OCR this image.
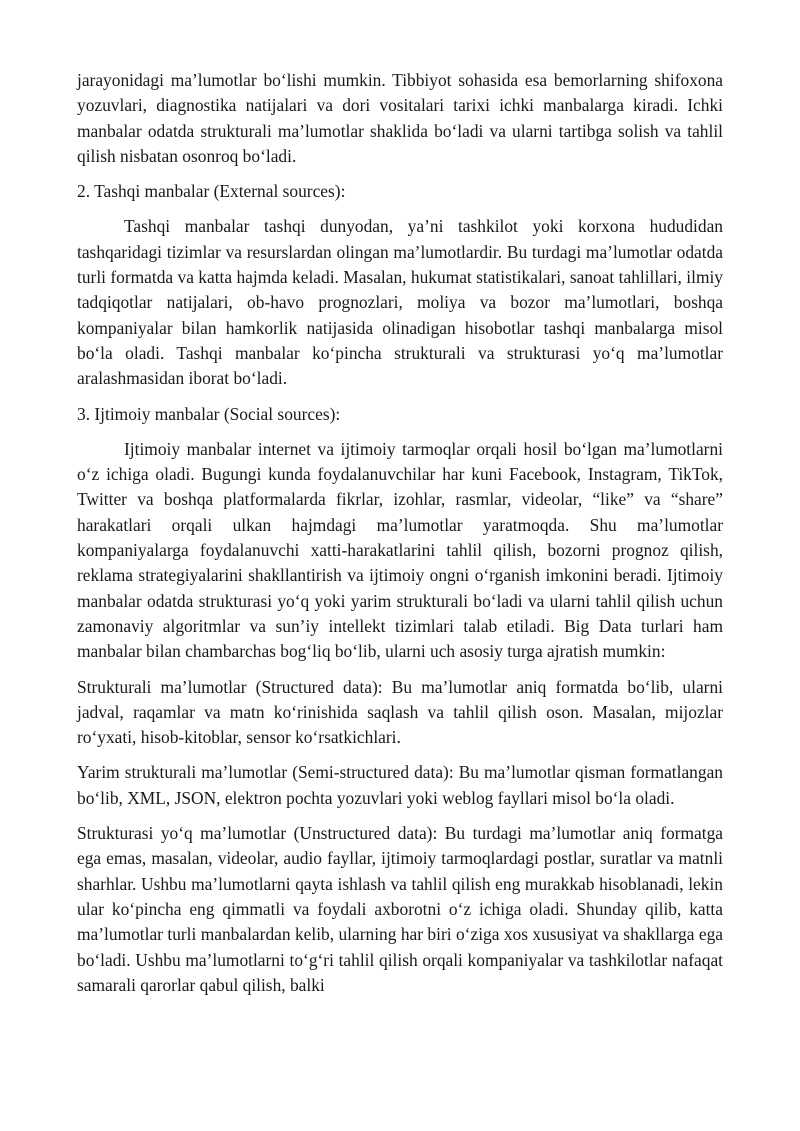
jarayonidagi ma’lumotlar bo‘lishi mumkin. Tibbiyot sohasida esa bemorlarning shifoxona yozuvlari, diagnostika natijalari va dori vositalari tarixi ichki manbalarga kiradi. Ichki manbalar odatda strukturali ma’lumotlar shaklida bo‘ladi va ularni tartibga solish va tahlil qilish nisbatan osonroq bo‘ladi.

2. Tashqi manbalar (External sources):

Tashqi manbalar tashqi dunyodan, ya’ni tashkilot yoki korxona hududidan tashqaridagi tizimlar va resurslardan olingan ma’lumotlardir. Bu turdagi ma’lumotlar odatda turli formatda va katta hajmda keladi. Masalan, hukumat statistikalari, sanoat tahlillari, ilmiy tadqiqotlar natijalari, ob-havo prognozlari, moliya va bozor ma’lumotlari, boshqa kompaniyalar bilan hamkorlik natijasida olinadigan hisobotlar tashqi manbalarga misol bo‘la oladi. Tashqi manbalar ko‘pincha strukturali va strukturasi yo‘q ma’lumotlar aralashmasidan iborat bo‘ladi.

3. Ijtimoiy manbalar (Social sources):

Ijtimoiy manbalar internet va ijtimoiy tarmoqlar orqali hosil bo‘lgan ma’lumotlarni o‘z ichiga oladi. Bugungi kunda foydalanuvchilar har kuni Facebook, Instagram, TikTok, Twitter va boshqa platformalarda fikrlar, izohlar, rasmlar, videolar, “like” va “share” harakatlari orqali ulkan hajmdagi ma’lumotlar yaratmoqda. Shu ma’lumotlar kompaniyalarga foydalanuvchi xatti-harakatlarini tahlil qilish, bozorni prognoz qilish, reklama strategiyalarini shakllantirish va ijtimoiy ongni o‘rganish imkonini beradi. Ijtimoiy manbalar odatda strukturasi yo‘q yoki yarim strukturali bo‘ladi va ularni tahlil qilish uchun zamonaviy algoritmlar va sun’iy intellekt tizimlari talab etiladi. Big Data turlari ham manbalar bilan chambarchas bog‘liq bo‘lib, ularni uch asosiy turga ajratish mumkin:

Strukturali ma’lumotlar (Structured data): Bu ma’lumotlar aniq formatda bo‘lib, ularni jadval, raqamlar va matn ko‘rinishida saqlash va tahlil qilish oson. Masalan, mijozlar ro‘yxati, hisob-kitoblar, sensor ko‘rsatkichlari.

Yarim strukturali ma’lumotlar (Semi-structured data): Bu ma’lumotlar qisman formatlangan bo‘lib, XML, JSON, elektron pochta yozuvlari yoki weblog fayllari misol bo‘la oladi.

Strukturasi yo‘q ma’lumotlar (Unstructured data): Bu turdagi ma’lumotlar aniq formatga ega emas, masalan, videolar, audio fayllar, ijtimoiy tarmoqlardagi postlar, suratlar va matnli sharhlar. Ushbu ma’lumotlarni qayta ishlash va tahlil qilish eng murakkab hisoblanadi, lekin ular ko‘pincha eng qimmatli va foydali axborotni o‘z ichiga oladi. Shunday qilib, katta ma’lumotlar turli manbalardan kelib, ularning har biri o‘ziga xos xususiyat va shakllarga ega bo‘ladi. Ushbu ma’lumotlarni to‘g‘ri tahlil qilish orqali kompaniyalar va tashkilotlar nafaqat samarali qarorlar qabul qilish, balki
